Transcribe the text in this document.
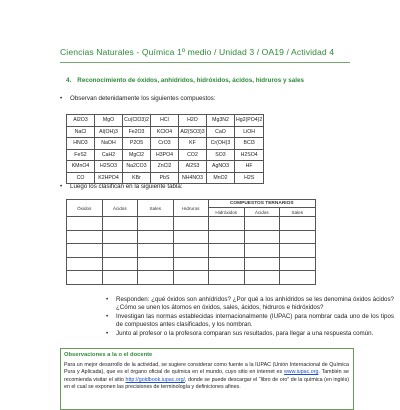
Ciencias Naturales - Química 1º medio / Unidad 3 / OA19 / Actividad 4
4. Reconocimiento de óxidos, anhídridos, hidróxidos, ácidos, hidruros y sales
• Observan detenidamente los siguientes compuestos:
Al2O3	MgO	Cu(ClO3)2	HCl	H2O	Mg3N2	Hg2(PO4)2
NaCl	Al(OH)3	Fe2O3	KClO4	Al2(SO3)3	CaO	LiOH
HNO3	NaOH	P2O5	CrO3	KF	Cr(OH)3	BCl3
FeS2	CaH2	MgCl2	H3PO4	CO2	SO3	H2SO4
KMnO4	H2SO3	Na2CO3	ZnCl2	Al2S3	AgNO3	HF
CO	K2HPO4	KBr	PbS	NH4NO3	MnO2	H2S
• Luego los clasifican en la siguiente tabla:
Óxidos	Ácidos	Sales	Hidruros	COMPUESTOS TERNARIOS		
				Hidróxidos	Ácidos	Sales

• Responden: ¿qué óxidos son anhídridos? ¿Por qué a los anhídridos se les denomina óxidos ácidos? ¿Cómo se unen los átomos en óxidos, sales, ácidos, hidruros e hidróxidos?
• Investigan las normas establecidas internacionalmente (IUPAC) para nombrar cada uno de los tipos de compuestos antes clasificados, y los nombran.
• Junto al profesor o la profesora comparan sus resultados, para llegar a una respuesta común.
Observaciones a la o el docente
Para un mejor desarrollo de la actividad, se sugiere considerar como fuente a la IUPAC (Unión Internacional de Química Pura y Aplicada), que es el órgano oficial de química en el mundo, cuyo sitio en internet es www.iupac.org. También se recomienda visitar el sitio http://goldbook.iupac.org/, donde se puede descargar el “libro de oro” de la química (en inglés) en el cual se exponen las precisiones de terminología y definiciones afines.
